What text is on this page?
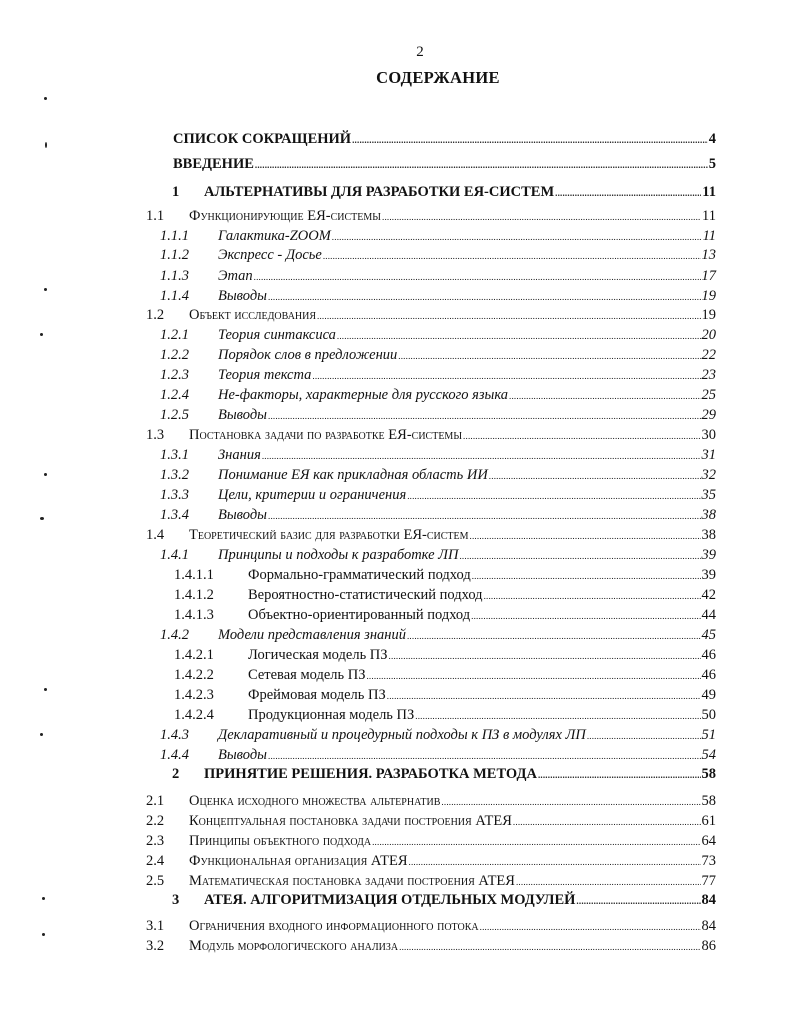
2
СОДЕРЖАНИЕ
СПИСОК СОКРАЩЕНИЙ .....	4
ВВЕДЕНИЕ .....	5
1 АЛЬТЕРНАТИВЫ ДЛЯ РАЗРАБОТКИ ЕЯ-СИСТЕМ .....	11
1.1 Функционирующие ЕЯ-системы .....	11
1.1.1 Галактика-ZOOM .....	11
1.1.2 Экспресс - Досье .....	13
1.1.3 Этап .....	17
1.1.4 Выводы .....	19
1.2 Объект исследования .....	19
1.2.1 Теория синтаксиса .....	20
1.2.2 Порядок слов в предложении .....	22
1.2.3 Теория текста .....	23
1.2.4 Не-факторы, характерные для русского языка .....	25
1.2.5 Выводы .....	29
1.3 Постановка задачи по разработке ЕЯ-системы .....	30
1.3.1 Знания .....	31
1.3.2 Понимание ЕЯ как прикладная область ИИ .....	32
1.3.3 Цели, критерии и ограничения .....	35
1.3.4 Выводы .....	38
1.4 Теоретический базис для разработки ЕЯ-систем .....	38
1.4.1 Принципы и подходы к разработке ЛП .....	39
1.4.1.1 Формально-грамматический подход .....	39
1.4.1.2 Вероятностно-статистический подход .....	42
1.4.1.3 Объектно-ориентированный подход .....	44
1.4.2 Модели представления знаний .....	45
1.4.2.1 Логическая модель ПЗ .....	46
1.4.2.2 Сетевая модель ПЗ .....	46
1.4.2.3 Фреймовая модель ПЗ .....	49
1.4.2.4 Продукционная модель ПЗ .....	50
1.4.3 Декларативный и процедурный подходы к ПЗ в модулях ЛП .....	51
1.4.4 Выводы .....	54
2 ПРИНЯТИЕ РЕШЕНИЯ. РАЗРАБОТКА МЕТОДА .....	58
2.1 Оценка исходного множества альтернатив .....	58
2.2 Концептуальная постановка задачи построения АТЕЯ .....	61
2.3 Принципы объектного подхода .....	64
2.4 Функциональная организация АТЕЯ .....	73
2.5 Математическая постановка задачи построения АТЕЯ .....	77
3 АТЕЯ. АЛГОРИТМИЗАЦИЯ ОТДЕЛЬНЫХ МОДУЛЕЙ .....	84
3.1 Ограничения входного информационного потока .....	84
3.2 Модуль морфологического анализа .....	86
